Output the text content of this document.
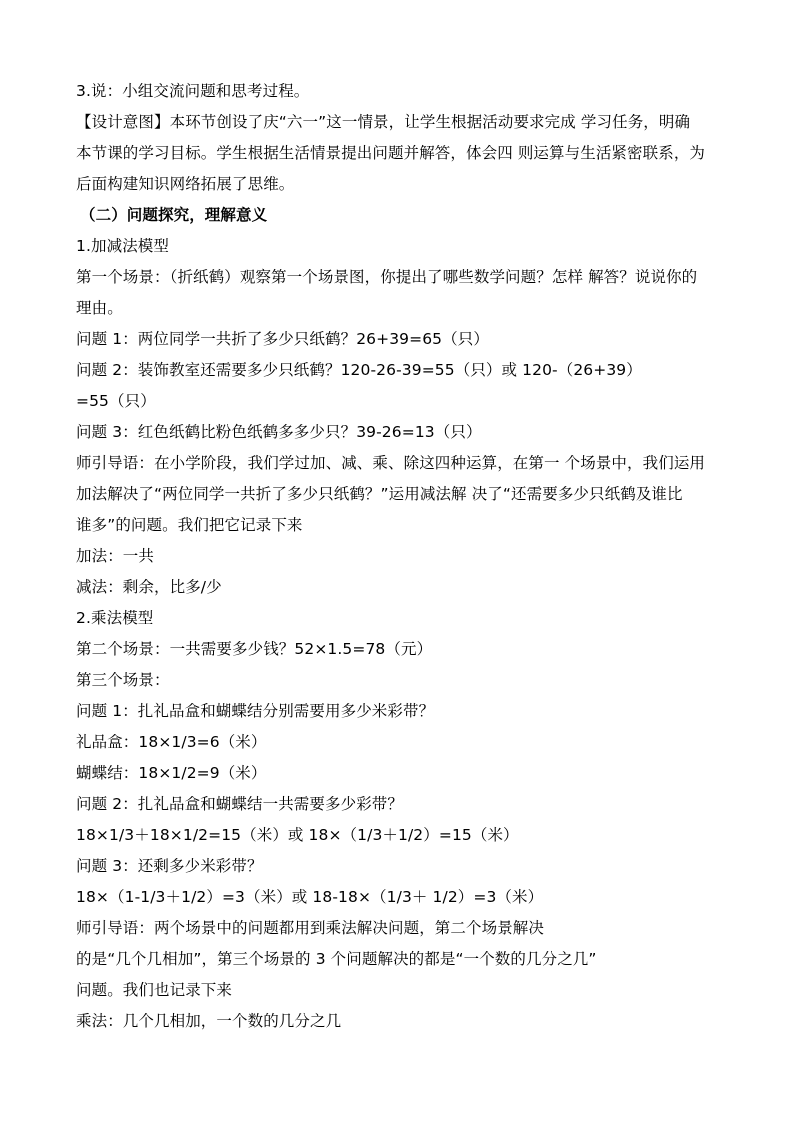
3.说：小组交流问题和思考过程。
【设计意图】本环节创设了庆“六一”这一情景，让学生根据活动要求完成 学习任务，明确
本节课的学习目标。学生根据生活情景提出问题并解答，体会四 则运算与生活紧密联系，为
后面构建知识网络拓展了思维。
（二）问题探究，理解意义
1.加减法模型
第一个场景：（折纸鹤）观察第一个场景图，你提出了哪些数学问题？怎样 解答？说说你的
理由。
问题 1：两位同学一共折了多少只纸鹤？26+39=65（只）
问题 2：装饰教室还需要多少只纸鹤？120-26-39=55（只）或 120-（26+39）
=55（只）
问题 3：红色纸鹤比粉色纸鹤多多少只？39-26=13（只）
师引导语：在小学阶段，我们学过加、减、乘、除这四种运算，在第一 个场景中，我们运用
加法解决了“两位同学一共折了多少只纸鹤？”运用减法解 决了“还需要多少只纸鹤及谁比
谁多”的问题。我们把它记录下来
加法：一共
减法：剩余，比多/少
2.乘法模型
第二个场景：一共需要多少钱？52×1.5=78（元）
第三个场景：
问题 1：扎礼品盒和蝴蝶结分别需要用多少米彩带？
礼品盒：18×1/3=6（米）
蝴蝶结：18×1/2=9（米）
问题 2：扎礼品盒和蝴蝶结一共需要多少彩带？
18×1/3＋18×1/2=15（米）或 18×（1/3＋1/2）=15（米）
问题 3：还剩多少米彩带？
18×（1-1/3＋1/2）=3（米）或 18-18×（1/3＋ 1/2）=3（米）
师引导语：两个场景中的问题都用到乘法解决问题，第二个场景解决
的是“几个几相加”，第三个场景的 3 个问题解决的都是“一个数的几分之几”
问题。我们也记录下来
乘法：几个几相加，一个数的几分之几
